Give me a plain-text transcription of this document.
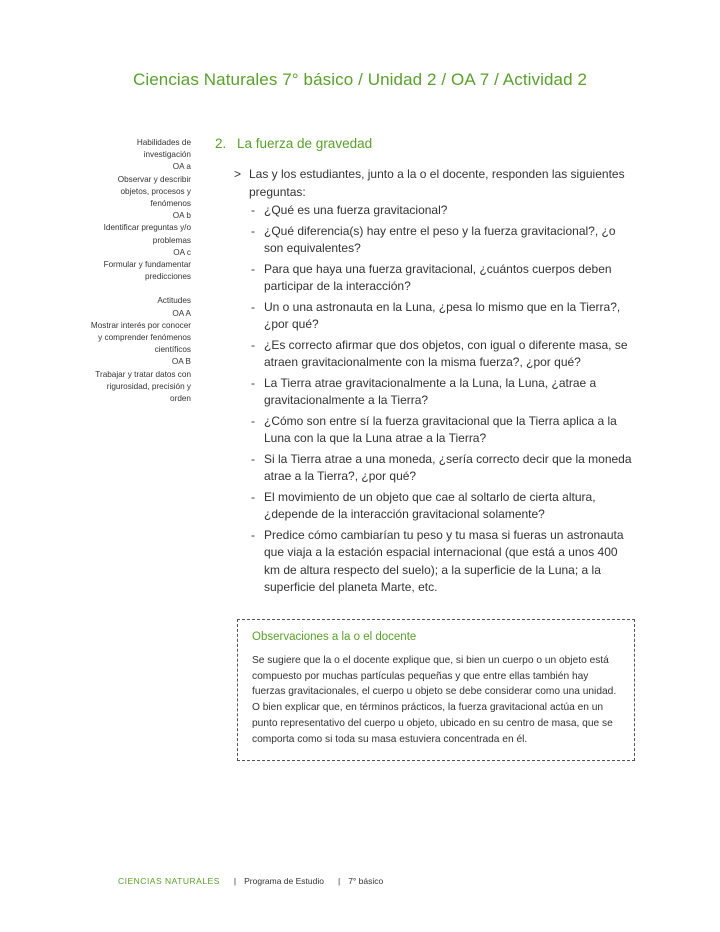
Ciencias Naturales 7° básico / Unidad 2 / OA 7 / Actividad 2
Habilidades de
investigación
OA a
Observar y describir
objetos, procesos y
fenómenos
OA b
Identificar preguntas y/o
problemas
OA c
Formular y fundamentar
predicciones
Actitudes
OA A
Mostrar interés por conocer
y comprender fenómenos
científicos
OA B
Trabajar y tratar datos con
rigurosidad, precisión y
orden
2. La fuerza de gravedad
> Las y los estudiantes, junto a la o el docente, responden las siguientes preguntas:
- ¿Qué es una fuerza gravitacional?
- ¿Qué diferencia(s) hay entre el peso y la fuerza gravitacional?, ¿o son equivalentes?
- Para que haya una fuerza gravitacional, ¿cuántos cuerpos deben participar de la interacción?
- Un o una astronauta en la Luna, ¿pesa lo mismo que en la Tierra?, ¿por qué?
- ¿Es correcto afirmar que dos objetos, con igual o diferente masa, se atraen gravitacionalmente con la misma fuerza?, ¿por qué?
- La Tierra atrae gravitacionalmente a la Luna, la Luna, ¿atrae a gravitacionalmente a la Tierra?
- ¿Cómo son entre sí la fuerza gravitacional que la Tierra aplica a la Luna con la que la Luna atrae a la Tierra?
- Si la Tierra atrae a una moneda, ¿sería correcto decir que la moneda atrae a la Tierra?, ¿por qué?
- El movimiento de un objeto que cae al soltarlo de cierta altura, ¿depende de la interacción gravitacional solamente?
- Predice cómo cambiarían tu peso y tu masa si fueras un astronauta que viaja a la estación espacial internacional (que está a unos 400 km de altura respecto del suelo); a la superficie de la Luna; a la superficie del planeta Marte, etc.
Observaciones a la o el docente
Se sugiere que la o el docente explique que, si bien un cuerpo o un objeto está compuesto por muchas partículas pequeñas y que entre ellas también hay fuerzas gravitacionales, el cuerpo u objeto se debe considerar como una unidad. O bien explicar que, en términos prácticos, la fuerza gravitacional actúa en un punto representativo del cuerpo u objeto, ubicado en su centro de masa, que se comporta como si toda su masa estuviera concentrada en él.
CIENCIAS NATURALES | Programa de Estudio | 7° básico
